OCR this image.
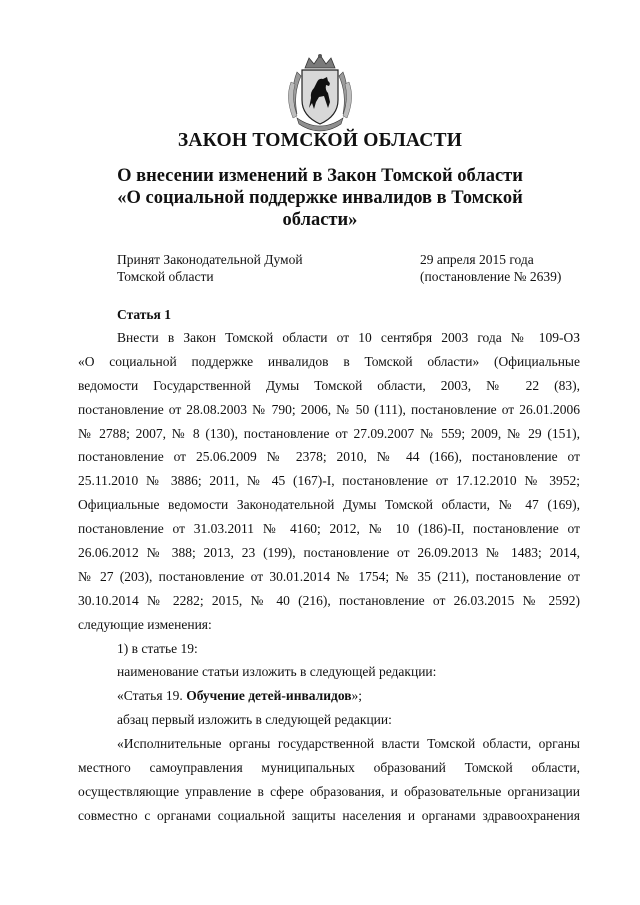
ЗАКОН ТОМСКОЙ ОБЛАСТИ
О внесении изменений в Закон Томской области
«О социальной поддержке инвалидов в Томской
области»
Принят Законодательной Думой
Томской области
29 апреля 2015 года
(постановление № 2639)
Статья 1
Внести в Закон Томской области от 10 сентября 2003 года № 109-ОЗ
«О социальной поддержке инвалидов в Томской области» (Официальные
ведомости Государственной Думы Томской области, 2003, № 22 (83),
постановление от 28.08.2003 № 790; 2006, № 50 (111), постановление от 26.01.2006
№ 2788; 2007, № 8 (130), постановление от 27.09.2007 № 559; 2009, № 29 (151),
постановление от 25.06.2009 № 2378; 2010, № 44 (166), постановление от
25.11.2010 № 3886; 2011, № 45 (167)-I, постановление от 17.12.2010 № 3952;
Официальные ведомости Законодательной Думы Томской области, № 47 (169),
постановление от 31.03.2011 № 4160; 2012, № 10 (186)-II, постановление от
26.06.2012 № 388; 2013, 23 (199), постановление от 26.09.2013 № 1483; 2014,
№ 27 (203), постановление от 30.01.2014 № 1754; № 35 (211), постановление от
30.10.2014 № 2282; 2015, № 40 (216), постановление от 26.03.2015 № 2592)
следующие изменения:
1) в статье 19:
наименование статьи изложить в следующей редакции:
«Статья 19. Обучение детей-инвалидов»;
абзац первый изложить в следующей редакции:
«Исполнительные органы государственной власти Томской области, органы
местного самоуправления муниципальных образований Томской области,
осуществляющие управление в сфере образования, и образовательные организации
совместно с органами социальной защиты населения и органами здравоохранения
